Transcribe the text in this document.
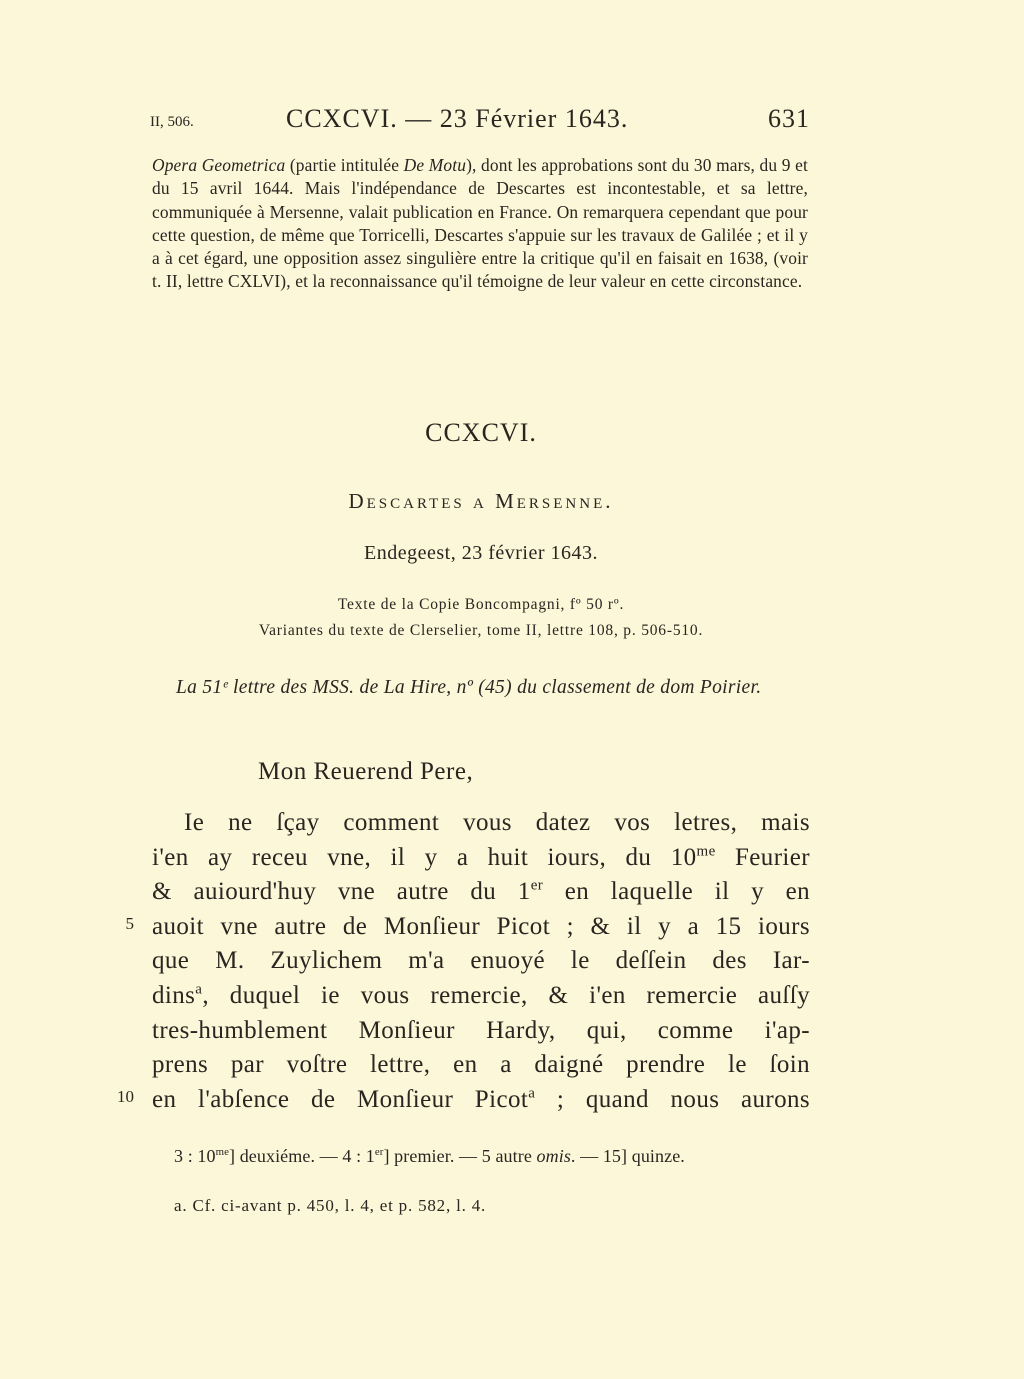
II, 506.	CCXCVI. — 23 Février 1643.	631
Opera Geometrica (partie intitulée De Motu), dont les approbations sont du 30 mars, du 9 et du 15 avril 1644. Mais l'indépendance de Descartes est incontestable, et sa lettre, communiquée à Mersenne, valait publication en France. On remarquera cependant que pour cette question, de même que Torricelli, Descartes s'appuie sur les travaux de Galilée ; et il y a à cet égard, une opposition assez singulière entre la critique qu'il en faisait en 1638, (voir t. II, lettre CXLVI), et la reconnaissance qu'il témoigne de leur valeur en cette circonstance.
CCXCVI.
Descartes a Mersenne.
Endegeest, 23 février 1643.
Texte de la Copie Boncompagni, fº 50 rº.
Variantes du texte de Clerselier, tome II, lettre 108, p. 506-510.
La 51ᵉ lettre des MSS. de La Hire, nº (45) du classement de dom Poirier.
Mon Reuerend Pere,
5
10
Ie ne ſçay comment vous datez vos letres, mais
i'en ay receu vne, il y a huit iours, du $10^{me}$ Feurier
& auiourd'huy vne autre du 1er en laquelle il y en
auoit vne autre de Monſieur Picot ; & il y a 15 iours
que M. Zuylichem m'a enuoyé le deſſein des Iar-
dins$^a$, duquel ie vous remercie, & i'en remercie auſſy
tres-humblement Monſieur Hardy, qui, comme i'ap-
prens par voſtre lettre, en a daigné prendre le ſoin
en l'abſence de Monſieur Picot$^a$ ; quand nous aurons
3 : $10^{me}$] deuxiéme. — 4 : 1er] premier. — 5 autre omis. — 15] quinze.
a. Cf. ci-avant p. 450, l. 4, et p. 582, l. 4.
